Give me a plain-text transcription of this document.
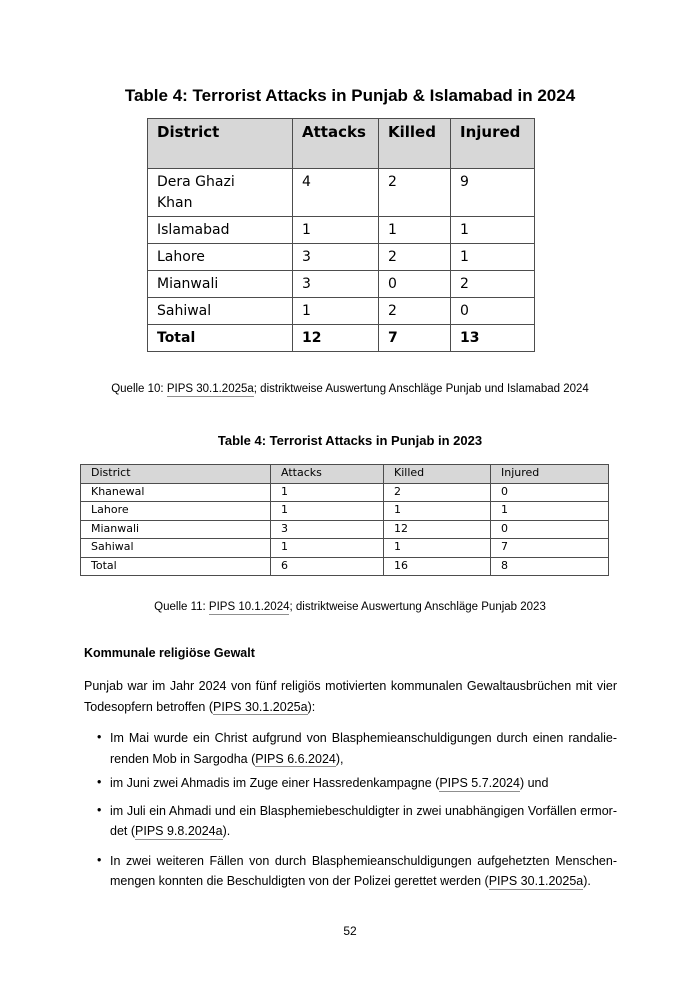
Table 4: Terrorist Attacks in Punjab & Islamabad in 2024
District	Attacks	Killed	Injured
Dera Ghazi Khan	4	2	9
Islamabad	1	1	1
Lahore	3	2	1
Mianwali	3	0	2
Sahiwal	1	2	0
Total	12	7	13
Quelle 10: PIPS 30.1.2025a; distriktweise Auswertung Anschläge Punjab und Islamabad 2024
Table 4: Terrorist Attacks in Punjab in 2023
District	Attacks	Killed	Injured
Khanewal	1	2	0
Lahore	1	1	1
Mianwali	3	12	0
Sahiwal	1	1	7
Total	6	16	8
Quelle 11: PIPS 10.1.2024; distriktweise Auswertung Anschläge Punjab 2023
Kommunale religiöse Gewalt
Punjab war im Jahr 2024 von fünf religiös motivierten kommunalen Gewaltausbrüchen mit vier
Todesopfern betroffen (PIPS 30.1.2025a):
• Im Mai wurde ein Christ aufgrund von Blasphemieanschuldigungen durch einen randalie-
renden Mob in Sargodha (PIPS 6.6.2024),
• im Juni zwei Ahmadis im Zuge einer Hassredenkampagne (PIPS 5.7.2024) und
• im Juli ein Ahmadi und ein Blasphemiebeschuldigter in zwei unabhängigen Vorfällen ermor-
det (PIPS 9.8.2024a).
• In zwei weiteren Fällen von durch Blasphemieanschuldigungen aufgehetzten Menschen-
mengen konnten die Beschuldigten von der Polizei gerettet werden (PIPS 30.1.2025a).
52
